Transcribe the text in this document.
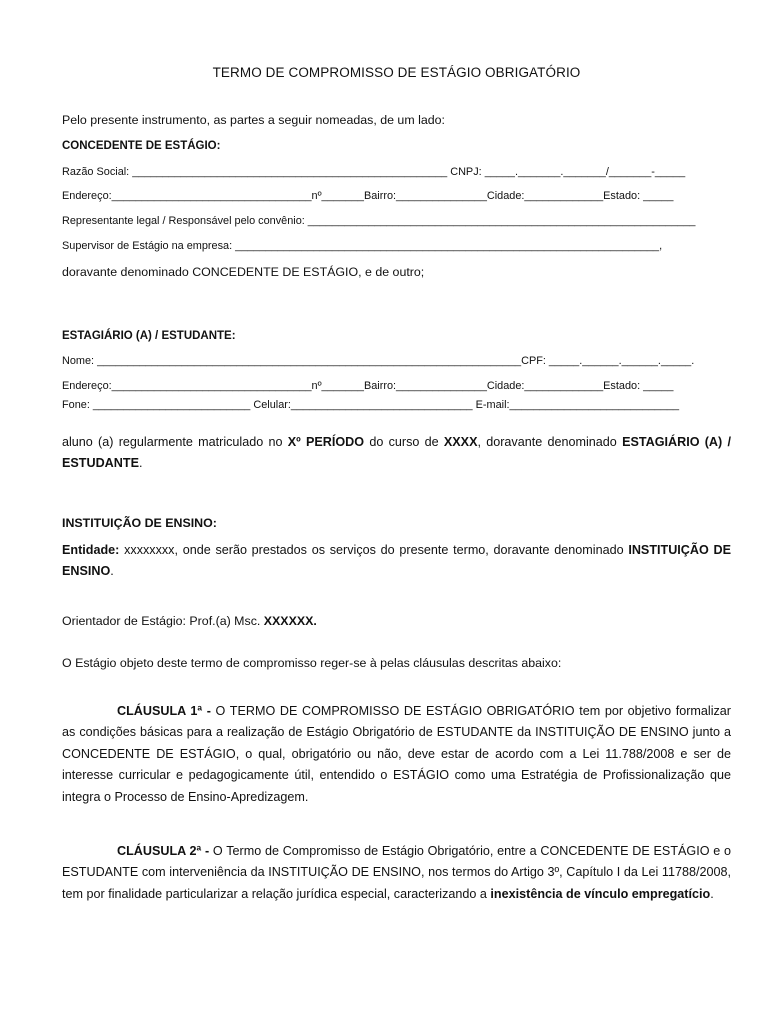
TERMO DE COMPROMISSO DE ESTÁGIO OBRIGATÓRIO
Pelo presente instrumento, as partes a seguir nomeadas, de um lado:
CONCEDENTE DE ESTÁGIO:
Razão Social: ____________________________________________________ CNPJ: _____._______._______/_______-_____
Endereço:_________________________________nº_______Bairro:_______________Cidade:_____________Estado: _____
Representante legal / Responsável pelo convênio: ________________________________________________________________
Supervisor de Estágio na empresa: ______________________________________________________________________,
doravante denominado CONCEDENTE DE ESTÁGIO, e de outro;
ESTAGIÁRIO (A) / ESTUDANTE:
Nome: ______________________________________________________________________CPF: _____.______.______._____.
Endereço:_________________________________nº_______Bairro:_______________Cidade:_____________Estado: _____
Fone: __________________________ Celular:______________________________ E-mail:____________________________
aluno (a) regularmente matriculado no Xº PERÍODO do curso de XXXX, doravante denominado ESTAGIÁRIO (A) / ESTUDANTE.
INSTITUIÇÃO DE ENSINO:
Entidade: xxxxxxxx, onde serão prestados os serviços do presente termo, doravante denominado INSTITUIÇÃO DE ENSINO.
Orientador de Estágio: Prof.(a) Msc. XXXXXX.
O Estágio objeto deste termo de compromisso reger-se à pelas cláusulas descritas abaixo:
CLÁUSULA 1ª - O TERMO DE COMPROMISSO DE ESTÁGIO OBRIGATÓRIO tem por objetivo formalizar as condições básicas para a realização de Estágio Obrigatório de ESTUDANTE da INSTITUIÇÃO DE ENSINO junto a CONCEDENTE DE ESTÁGIO, o qual, obrigatório ou não, deve estar de acordo com a Lei 11.788/2008 e ser de interesse curricular e pedagogicamente útil, entendido o ESTÁGIO como uma Estratégia de Profissionalização que integra o Processo de Ensino-Apredizagem.
CLÁUSULA 2ª - O Termo de Compromisso de Estágio Obrigatório, entre a CONCEDENTE DE ESTÁGIO e o ESTUDANTE com interveniência da INSTITUIÇÃO DE ENSINO, nos termos do Artigo 3º, Capítulo I da Lei 11788/2008, tem por finalidade particularizar a relação jurídica especial, caracterizando a inexistência de vínculo empregatício.
